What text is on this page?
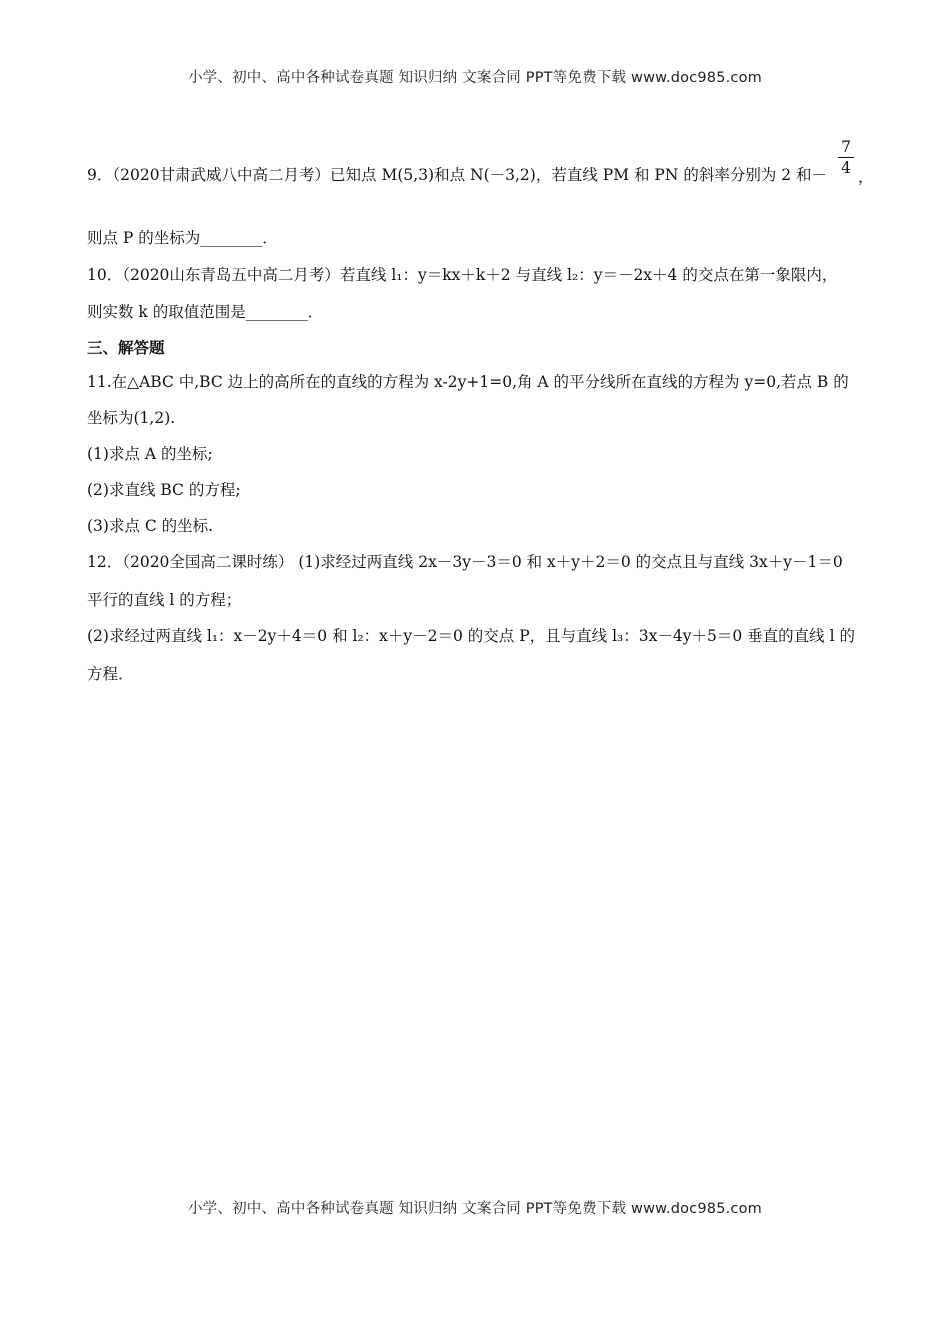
小学、初中、高中各种试卷真题 知识归纳 文案合同 PPT等免费下载 www.doc985.com
9．（2020甘肃武威八中高二月考）已知点 M(5,3)和点 N(－3,2)，若直线 PM 和 PN 的斜率分别为 2 和－
7
4 ，
则点 P 的坐标为________．
10．（2020山东青岛五中高二月考）若直线 l₁：y＝kx＋k＋2 与直线 l₂：y＝－2x＋4 的交点在第一象限内，
则实数 k 的取值范围是________．
三、解答题
11.在△ABC 中,BC 边上的高所在的直线的方程为 x-2y+1=0,角 A 的平分线所在直线的方程为 y=0,若点 B 的
坐标为(1,2).
(1)求点 A 的坐标;
(2)求直线 BC 的方程;
(3)求点 C 的坐标.
12．（2020全国高二课时练） (1)求经过两直线 2x－3y－3＝0 和 x＋y＋2＝0 的交点且与直线 3x＋y－1＝0
平行的直线 l 的方程；
(2)求经过两直线 l₁：x－2y＋4＝0 和 l₂：x＋y－2＝0 的交点 P，且与直线 l₃：3x－4y＋5＝0 垂直的直线 l 的
方程．
小学、初中、高中各种试卷真题 知识归纳 文案合同 PPT等免费下载 www.doc985.com
